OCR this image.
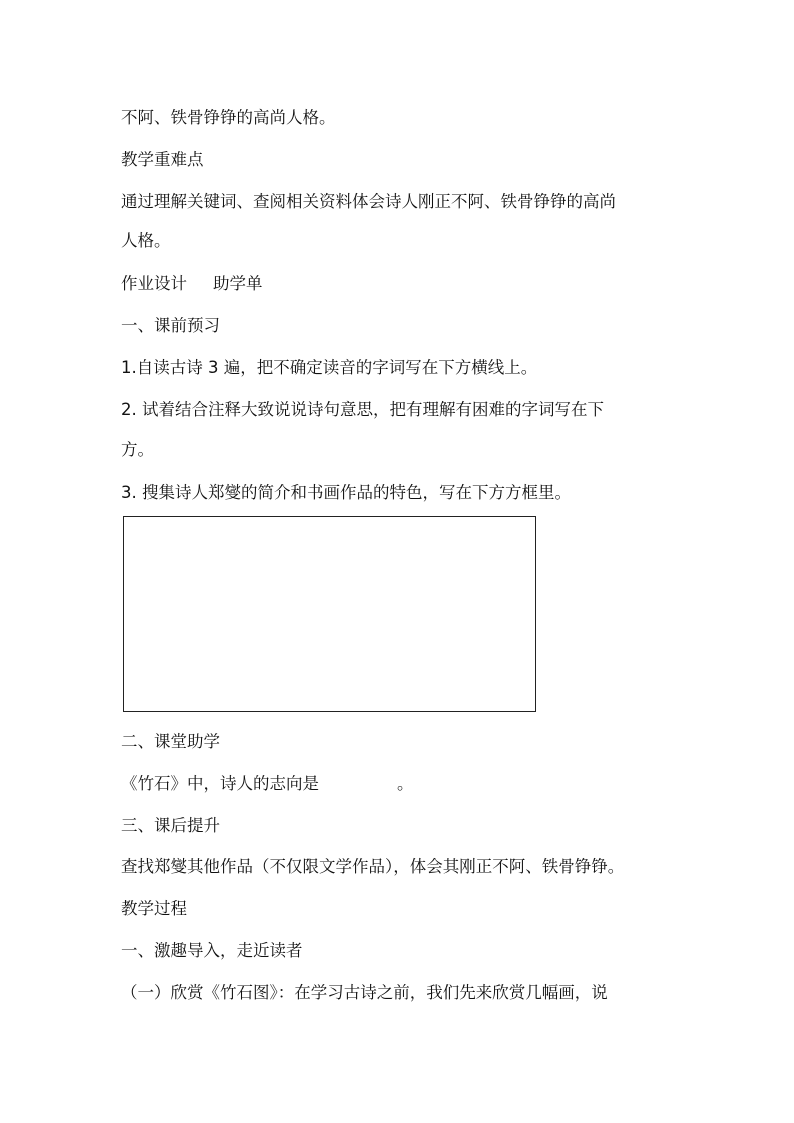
不阿、铁骨铮铮的高尚人格。
教学重难点
通过理解关键词、查阅相关资料体会诗人刚正不阿、铁骨铮铮的高尚
人格。
作业设计 助学单
一、课前预习
1.自读古诗 3 遍，把不确定读音的字词写在下方横线上。
2. 试着结合注释大致说说诗句意思，把有理解有困难的字词写在下
方。
3. 搜集诗人郑燮的简介和书画作品的特色，写在下方方框里。
二、课堂助学
《竹石》中，诗人的志向是	。
三、课后提升
查找郑燮其他作品（不仅限文学作品），体会其刚正不阿、铁骨铮铮。
教学过程
一、激趣导入，走近读者
（一）欣赏《竹石图》：在学习古诗之前，我们先来欣赏几幅画，说
